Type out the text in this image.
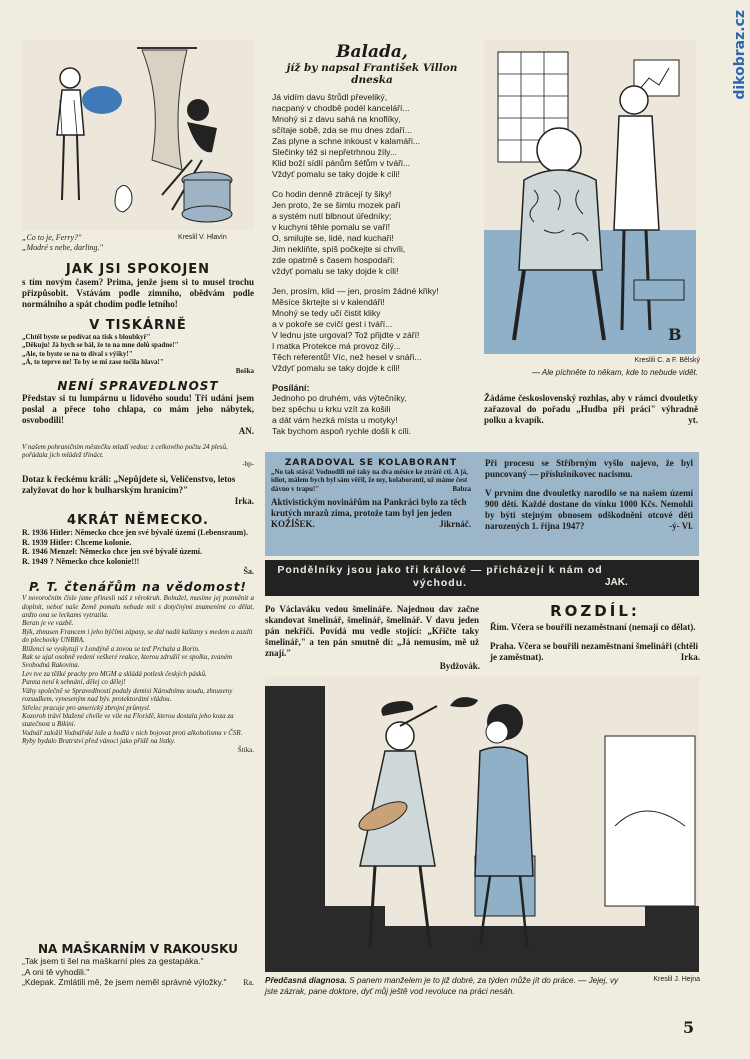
dikobraz.cz
„Co to je, Ferry?"
„Modré s nebe, darling."
Kreslil V. Hlavín
JAK JSI SPOKOJEN
s tím novým časem? Prima, jenže jsem si to musel trochu přizpůsobit. Vstávám podle zimního, obědvám podle normálního a spát chodím podle letního!
V TISKÁRNĚ
„Chtěl byste se podívat na tisk s bloubkyř"
„Děkuju! Já bych se bál, že to na mne dolů spadne!"
„Ale, to byste se na to díval s výšky!"
„Á, to teprve ne! To by se mi zase točila hlava!"
Boška
NENÍ SPRAVEDLNOST
Představ si tu lumpárnu u lidového soudu! Tři udání jsem poslal a přece toho chlapa, co mám jeho nábytek, osvobodili!
AN.
V našem pohraničním městečku mladí vedou: z celkového počtu 24 plesů, pořádala jich mládež třináct.
-bp-
Dotaz k řeckému králi: „Nepůjdete si, Veličenstvo, letos zalyžovat do hor k bulharským hranicím?"
Irka.
4KRÁT NĚMECKO.
R. 1936 Hitler: Německo chce jen své bývalé území (Lebensraum).
R. 1939 Hitler: Chceme kolonie.
R. 1946 Menzel: Německo chce jen své bývalé území.
R. 1949 ? Německo chce kolonie!!!
Ša.
P. T. čtenářům na vědomost!
V novoročním čísle jsme přinesli náš z věrokruh. Bohužel, musíme jej pozměnit a doplnit, neboť naše Země pomalu nebude mít s dotyčnými znameními co dělat, anžto ona se leckams vytratila.
Beran je ve vazbě.
Býk, zhnusen Francem i jeho býčími zápasy, se dal nadít kaštany s medem a zazdít do plechovky UNRRA.
Blíženci se vyskytují v Londýně a zovou se teď Prchala a Borin.
Rak se ujal osobně vedení veškeré reakce, kterou združil ve spolku, zvaném Svobodná Rakovina.
Lev tve za těžké prachy pro MGM a skládá potlesk českých pásků.
Panna není k sehnání, dělej co dělej!
Váhy společně se Spravedlností podaly demisi Národnímu soudu, zhnuseny rozsudkem, vyneseným nad býv. protektorátní vládou.
Střelec pracuje pro americký zbrojní průmysl.
Kozoroh tráví blažené chvíle ve vile na Floridě, kterou dostala jeho koza za statečnost u Bikini.
Vodnář založil Vodnářské lože a hodlá v nich bojovat proti alkoholismu v ČSR.
Ryby bydalo Bratrství před vánoci jako přídě na lístky.
Štika.
NA MAŠKARNÍM V RAKOUSKU
„Tak jsem ti šel na maškarní ples za gestapáka."
„A oni tě vyhodili."
„Kdepak. Zmlátili mě, že jsem neměl správné výložky."	Ra.
Balada,
jíž by napsal František Villon dneska
Já vidím davu štrůdl převeliký,
nacpaný v chodbě podél kanceláří...
Mnohý si z davu sahá na knoflíky,
sčítaje sobě, zda se mu dnes zdaří...
Zas plyne a schne inkoust v kalamáři...
Slečinky též si nepřetrhnou žíly...
Klid boží sídlí pánům šéfům v tváři...
Vždyť pomalu se taky dojde k cíli!
Co hodin denně ztrácejí ty šiky!
Jen proto, že se šimlu mozek paří
a systém nutí blbnout úředníky;
v kuchyni těhle pomalu se vaří!
O, smilujte se, lidé, nad kuchaři!
Jim nekliňte, spíš počkejte si chvíli,
zde opatrně s časem hospodaří:
vždyť pomalu se taky dojde k cíli!
Jen, prosím, klid — jen, prosím žádné křiky!
Měsíce škrtejte si v kalendáři!
Mnohý se tedy učí čistit kliky
a v pokoře se cvičí gest i tváří...
V lednu jste urgoval? Tož přijdte v září!
I matka Protekce má provoz čilý...
Těch referentů! Víc, než hesel v snáři...
Vždyť pomalu se taky dojde k cíli!
Posílání:
Jednoho po druhém, vás výtečníky,
bez spěchu u krku vzít za košili
a dát vám hezká místa u motyky!
Tak bychom aspoň rychle došli k cíli.
B
Kreslili C. a F. Bělský
— Ale píchněte to někam, kde to nebude vidět.
Žádáme československý rozhlas, aby v rámci dvouletky zařazoval do pořadu „Hudba při práci" výhradně polku a kvapík.	yt.
ZARADOVAL SE KOLABORANT
„No tak stává! Vodnodili mě taky na dva měsíce ke ztrátě cti. A já, idiot, málem bych byl sám věřil, že my, kolaboranti, už máme čest dávno v trapu!"	Babza
Aktivistickým novinářům na Pankráci bylo za těch krutých mrazů zima, protože tam byl jen jeden KOŽÍŠEK.	Jikrnáč.
Při procesu se Stříbrným vyšlo najevo, že byl puncovaný — příslušníkovec nacismu.
V prvním dne dvouletky narodilo se na našem území 900 dětí. Každé dostane do vínku 1000 Kčs. Nemohli by býti stejným obnosem odškodněni otcové děti narozených 1. října 1947?	-ý- Vl.
Pondělníky jsou jako tři králové — přicházejí k nám od východu.	JAK.
Po Václaváku vedou šmelináře. Najednou dav začne skandovat šmelinář, šmelinář, šmelinář. V davu jeden pán nekřičí. Povídá mu vedle stojící: „Křičte taky šmelinář," a ten pán smutně dí: „Já nemusím, mě už znají."
Bydžovák.
ROZDÍL:
Řím. Včera se bouřili nezaměstnaní (nemají co dělat).
Praha. Včera se bouřili nezaměstnaní šmelináři (chtěli je zaměstnat).	Irka.
Kreslil J. Hejna
Předčasná diagnosa. S panem manželem je to již dobré, za týden může jít do práce. — Jejej, vy jste zázrak, pane doktore, dyť můj ještě vod revoluce na práci nesáh.
5
